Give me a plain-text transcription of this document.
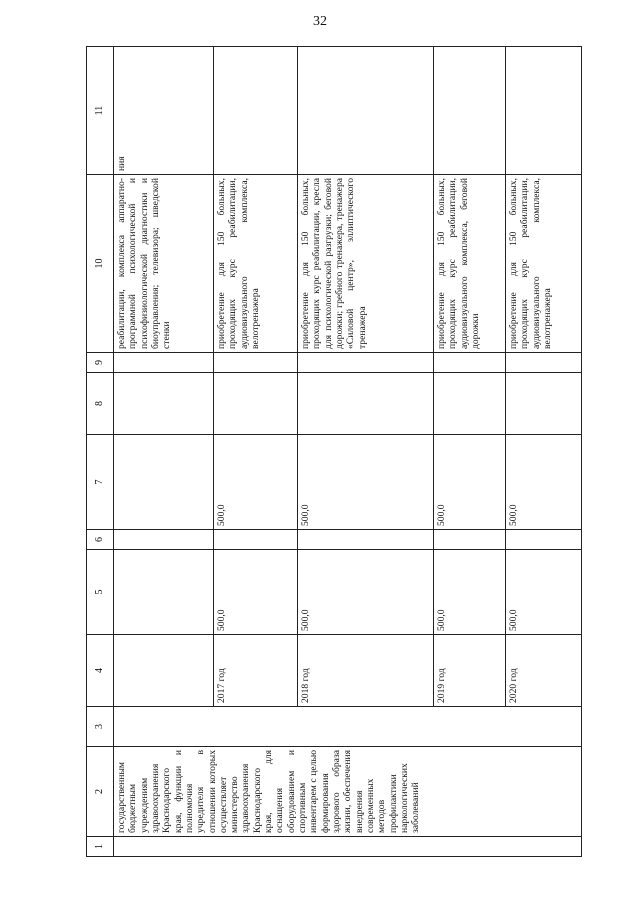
32
1	2	3	4	5	6	7	8	9	10	11
	государственным бюджетным учреждениям здравоохранения Краснодарского края, функции и полномочия учредителя в отношении которых осуществляет министерство здравоохранения Краснодарского края, для оснащения оборудованием и спортивным инвентарем с целью формирования здорового образа жизни, обеспечения внедрения современных методов профилактики наркологических заболеваний								реабилитации, комплекса аппаратно-программной психологической и психофизиологической диагностики и биоуправления; телевизора; шведской стенки	ния
			2017 год	500,0		500,0			приобретение для 150 больных, проходящих курс реабилитации, аудиовизуального комплекса, велотренажера	
			2018 год	500,0		500,0			приобретение для 150 больных, проходящих курс реабилитации, кресла для психологической разгрузки; беговой дорожки; гребного тренажера, тренажера «Силовой центр», эллиптического тренажера	
			2019 год	500,0		500,0			приобретение для 150 больных, проходящих курс реабилитации, аудиовизуального комплекса, беговой дорожки	
			2020 год	500,0		500,0			приобретение для 150 больных, проходящих курс реабилитации, аудиовизуального комплекса, велотренажера	
